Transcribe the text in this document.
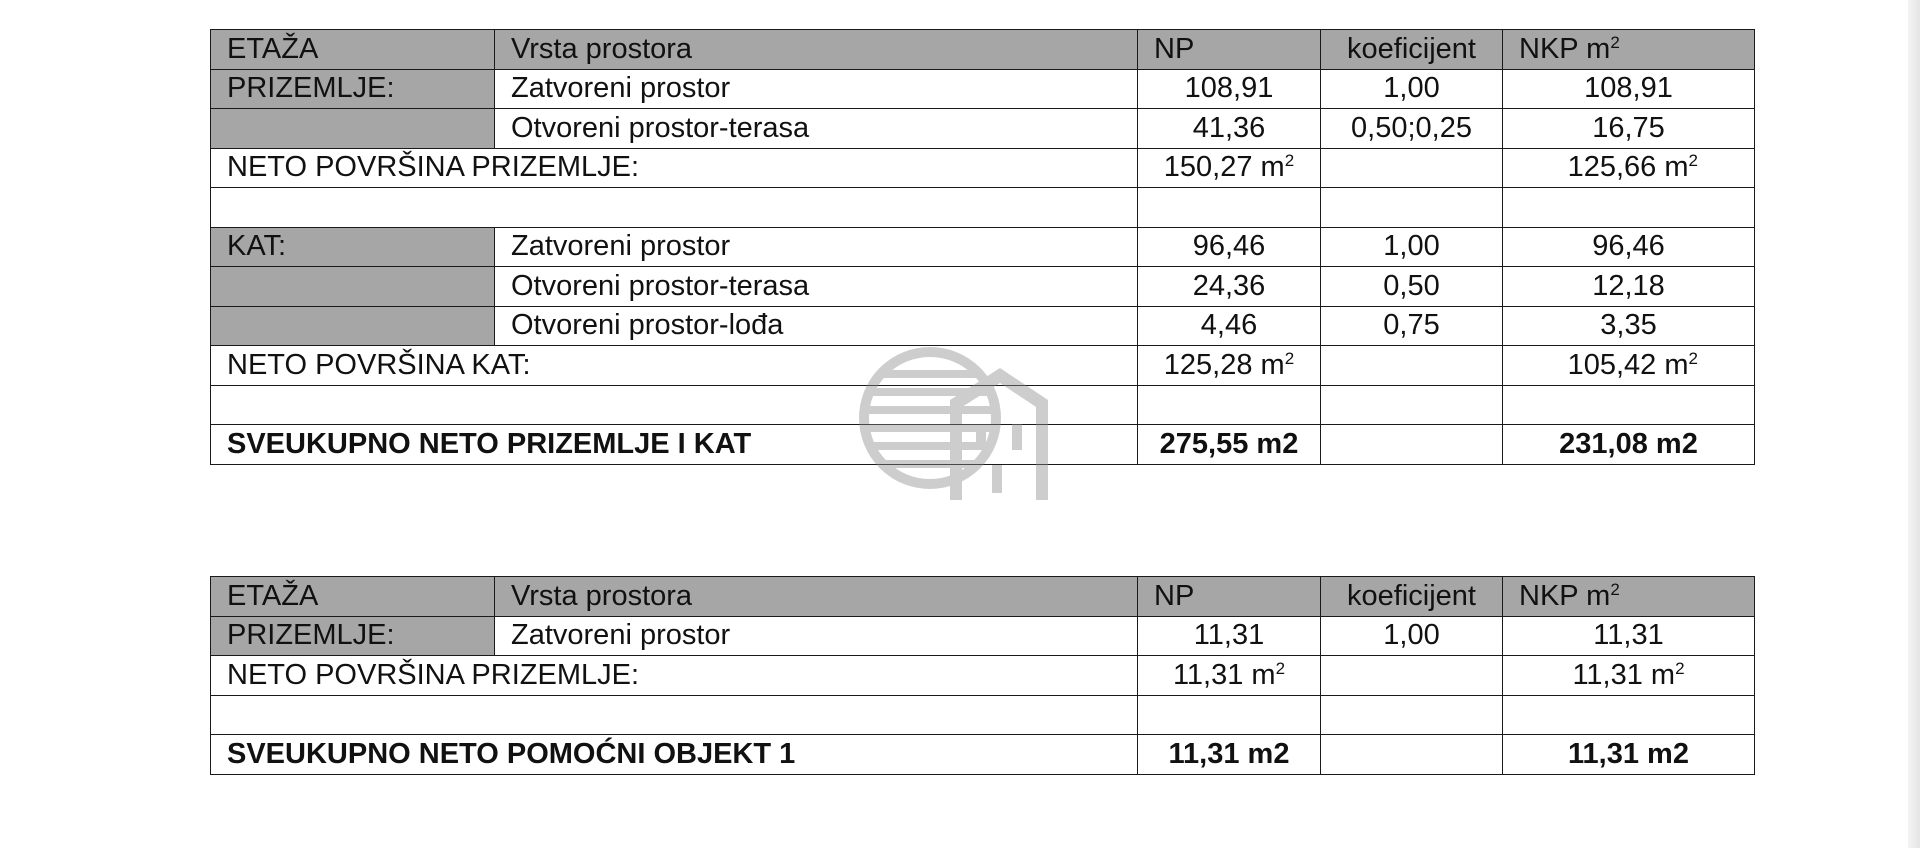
ETAŽA	Vrsta prostora	NP	koeficijent	NKP $m^2$
PRIZEMLJE:	Zatvoreni prostor	108,91	1,00	108,91
	Otvoreni prostor-terasa	41,36	0,50;0,25	16,75
NETO POVRŠINA PRIZEMLJE:		150,27 $m^2$		125,66 $m^2$

KAT:	Zatvoreni prostor	96,46	1,00	96,46
	Otvoreni prostor-terasa	24,36	0,50	12,18
	Otvoreni prostor-lođa	4,46	0,75	3,35
NETO POVRŠINA KAT:		125,28 $m^2$		105,42 $m^2$

SVEUKUPNO NETO PRIZEMLJE I KAT		275,55 m2		231,08 m2
ETAŽA	Vrsta prostora	NP	koeficijent	NKP $m^2$
PRIZEMLJE:	Zatvoreni prostor	11,31	1,00	11,31
NETO POVRŠINA PRIZEMLJE:		11,31 $m^2$		11,31 $m^2$

SVEUKUPNO NETO POMOĆNI OBJEKT 1		11,31 m2		11,31 m2
